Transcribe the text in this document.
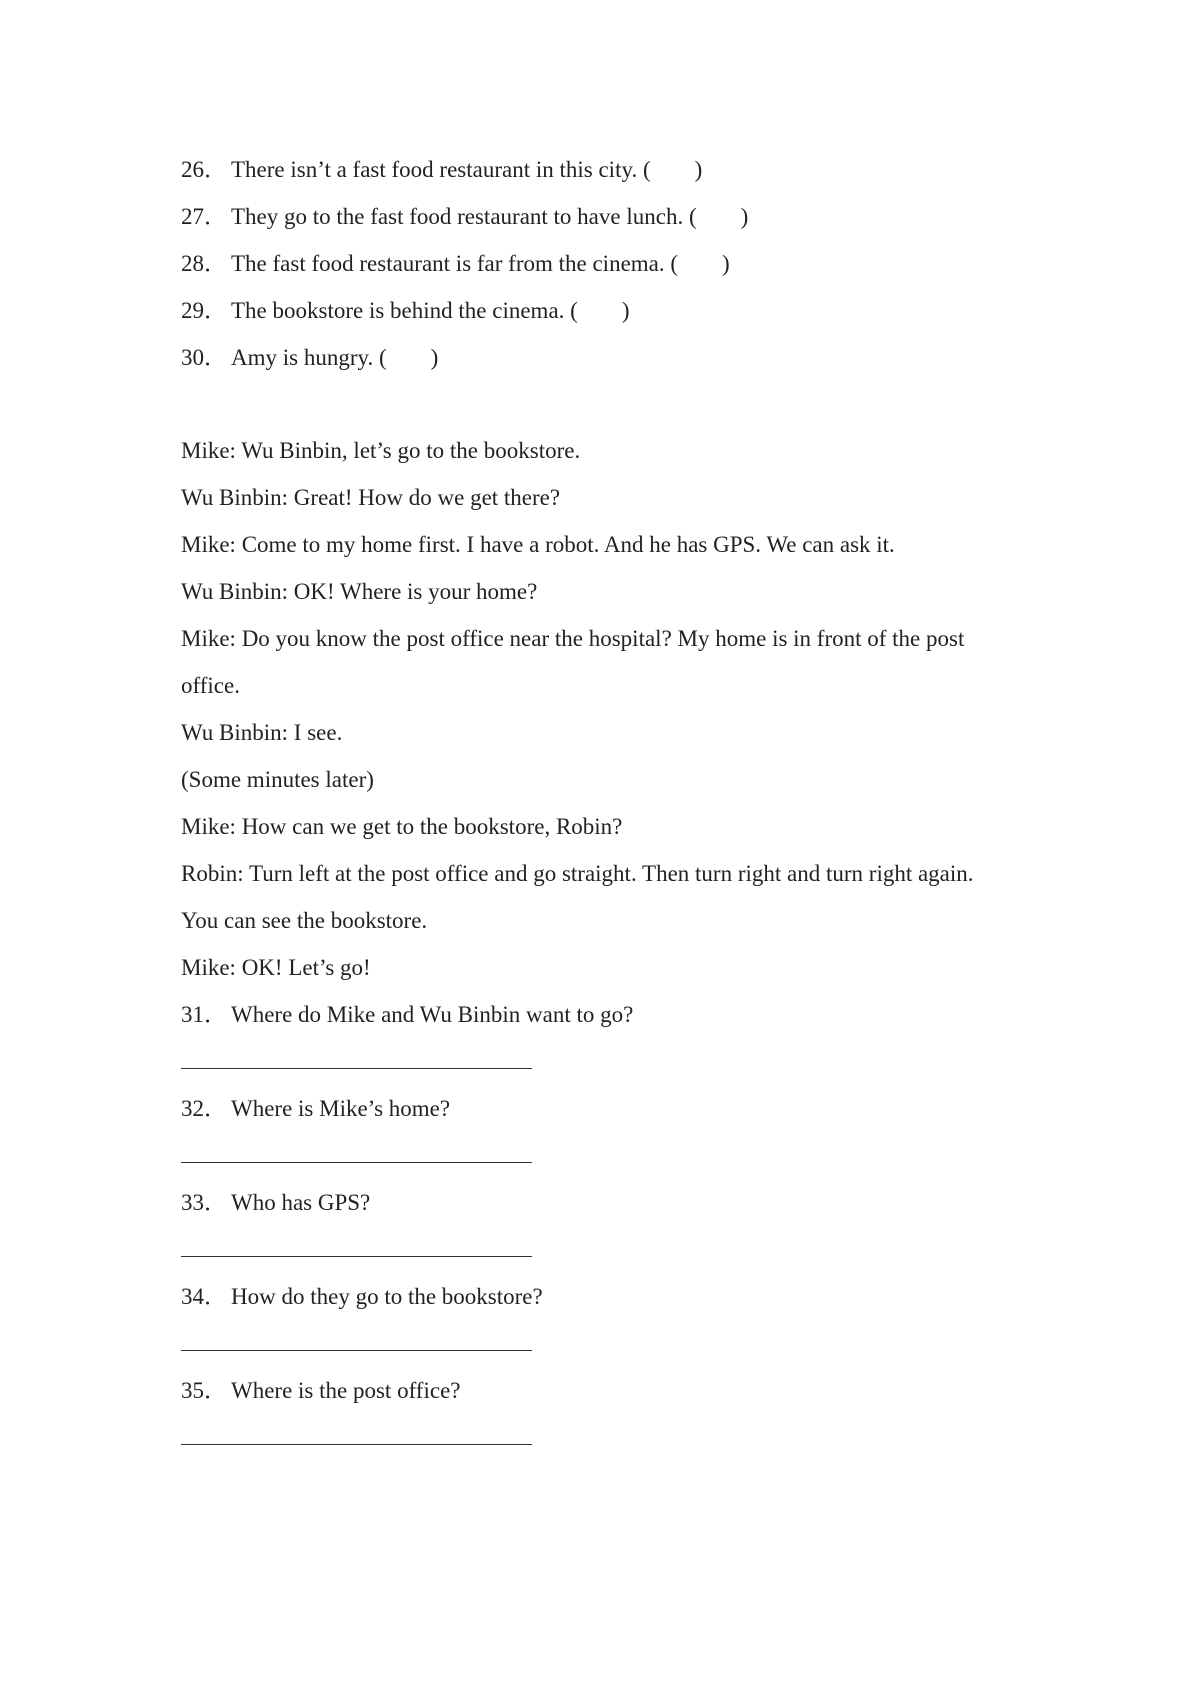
26． There isn’t a fast food restaurant in this city. ( )
27． They go to the fast food restaurant to have lunch. ( )
28． The fast food restaurant is far from the cinema. ( )
29． The bookstore is behind the cinema. ( )
30． Amy is hungry. ( )
Mike: Wu Binbin, let’s go to the bookstore.
Wu Binbin: Great! How do we get there?
Mike: Come to my home first. I have a robot. And he has GPS. We can ask it.
Wu Binbin: OK! Where is your home?
Mike: Do you know the post office near the hospital? My home is in front of the post
office.
Wu Binbin: I see.
(Some minutes later)
Mike: How can we get to the bookstore, Robin?
Robin: Turn left at the post office and go straight. Then turn right and turn right again.
You can see the bookstore.
Mike: OK! Let’s go!
31． Where do Mike and Wu Binbin want to go?
32． Where is Mike’s home?
33． Who has GPS?
34． How do they go to the bookstore?
35． Where is the post office?
